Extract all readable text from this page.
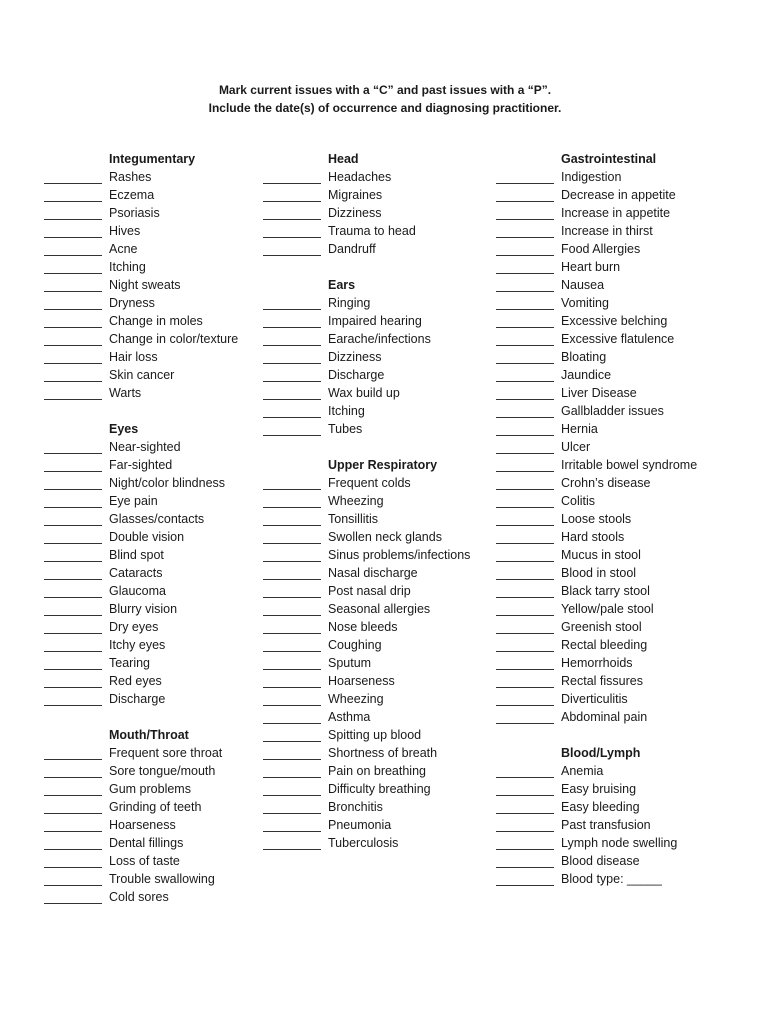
Mark current issues with a “C” and past issues with a “P”.
Include the date(s) of occurrence and diagnosing practitioner.
Integumentary
Rashes
Eczema
Psoriasis
Hives
Acne
Itching
Night sweats
Dryness
Change in moles
Change in color/texture
Hair loss
Skin cancer
Warts
Eyes
Near-sighted
Far-sighted
Night/color blindness
Eye pain
Glasses/contacts
Double vision
Blind spot
Cataracts
Glaucoma
Blurry vision
Dry eyes
Itchy eyes
Tearing
Red eyes
Discharge
Mouth/Throat
Frequent sore throat
Sore tongue/mouth
Gum problems
Grinding of teeth
Hoarseness
Dental fillings
Loss of taste
Trouble swallowing
Cold sores
Head
Headaches
Migraines
Dizziness
Trauma to head
Dandruff
Ears
Ringing
Impaired hearing
Earache/infections
Dizziness
Discharge
Wax build up
Itching
Tubes
Upper Respiratory
Frequent colds
Wheezing
Tonsillitis
Swollen neck glands
Sinus problems/infections
Nasal discharge
Post nasal drip
Seasonal allergies
Nose bleeds
Coughing
Sputum
Hoarseness
Wheezing
Asthma
Spitting up blood
Shortness of breath
Pain on breathing
Difficulty breathing
Bronchitis
Pneumonia
Tuberculosis
Gastrointestinal
Indigestion
Decrease in appetite
Increase in appetite
Increase in thirst
Food Allergies
Heart burn
Nausea
Vomiting
Excessive belching
Excessive flatulence
Bloating
Jaundice
Liver Disease
Gallbladder issues
Hernia
Ulcer
Irritable bowel syndrome
Crohn’s disease
Colitis
Loose stools
Hard stools
Mucus in stool
Blood in stool
Black tarry stool
Yellow/pale stool
Greenish stool
Rectal bleeding
Hemorrhoids
Rectal fissures
Diverticulitis
Abdominal pain
Blood/Lymph
Anemia
Easy bruising
Easy bleeding
Past transfusion
Lymph node swelling
Blood disease
Blood type: _____
